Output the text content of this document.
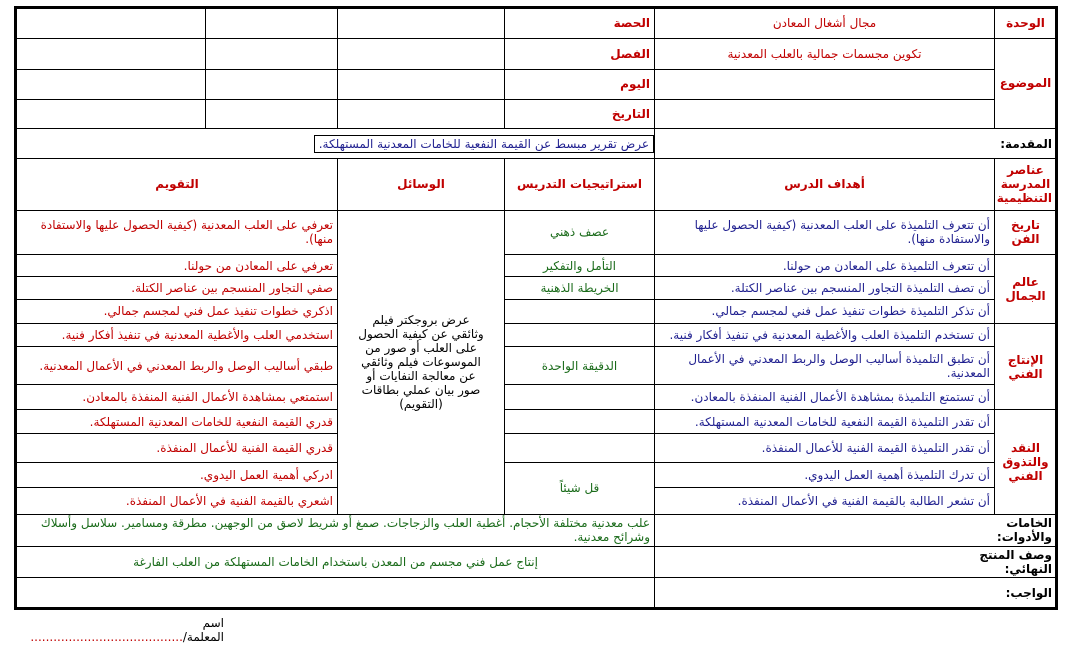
الوحدة	مجال أشغال المعادن	الحصة			
الموضوع	تكوين مجسمات جمالية بالعلب المعدنية	الفصل			
		اليوم			
		التاريخ			
المقدمة:		عرض تقرير مبسط عن القيمة النفعية للخامات المعدنية المستهلكة.			
عناصر المدرسة التنظيمية	أهداف الدرس	استراتيجيات التدريس	الوسائل	التقويم	
تاريخ الفن	أن تتعرف التلميذة على العلب المعدنية (كيفية الحصول عليها والاستفادة منها).	عصف ذهني	عرض بروجكتر فيلم وثائقي عن كيفية الحصول على العلب أو صور من الموسوعات فيلم وثائقي عن معالجة النفايات أو صور بيان عملي بطاقات (التقويم)	تعرفي على العلب المعدنية (كيفية الحصول عليها والاستفادة منها).	
عالم الجمال	أن تتعرف التلميذة على المعادن من حولنا.	التأمل والتفكير		تعرفي على المعادن من حولنا.	
	أن تصف التلميذة التجاور المنسجم بين عناصر الكتلة.	الخريطة الذهنية		صفي التجاور المنسجم بين عناصر الكتلة.	
	أن تذكر التلميذة خطوات تنفيذ عمل فني لمجسم جمالي.			اذكري خطوات تنفيذ عمل فني لمجسم جمالي.	
الإنتاج الفني	أن تستخدم التلميذة العلب والأغطية المعدنية في تنفيذ أفكار فنية.			استخدمي العلب والأغطية المعدنية في تنفيذ أفكار فنية.	
	أن تطبق التلميذة أساليب الوصل والربط المعدني في الأعمال المعدنية.	الدقيقة الواحدة		طبقي أساليب الوصل والربط المعدني في الأعمال المعدنية.	
	أن تستمتع التلميذة بمشاهدة الأعمال الفنية المنفذة بالمعادن.			استمتعي بمشاهدة الأعمال الفنية المنفذة بالمعادن.	
النقد والتذوق الفني	أن تقدر التلميذة القيمة النفعية للخامات المعدنية المستهلكة.			قدري القيمة النفعية للخامات المعدنية المستهلكة.	
	أن تقدر التلميذة القيمة الفنية للأعمال المنفذة.			قدري القيمة الفنية للأعمال المنفذة.	
	أن تدرك التلميذة أهمية العمل اليدوي.	قل شيئاً		ادركي أهمية العمل اليدوي.	
	أن تشعر الطالبة بالقيمة الفنية في الأعمال المنفذة.			اشعري بالقيمة الفنية في الأعمال المنفذة.	
الخامات والأدوات:		علب معدنية مختلفة الأحجام. أغطية العلب والزجاجات. صمغ أو شريط لاصق من الوجهين. مطرقة ومسامير. سلاسل وأسلاك وشرائح معدنية.			
وصف المنتج النهائي:		إنتاج عمل فني مجسم من المعدن باستخدام الخامات المستهلكة من العلب الفارغة			
الواجب:					
اسم المعلمة/........................................
